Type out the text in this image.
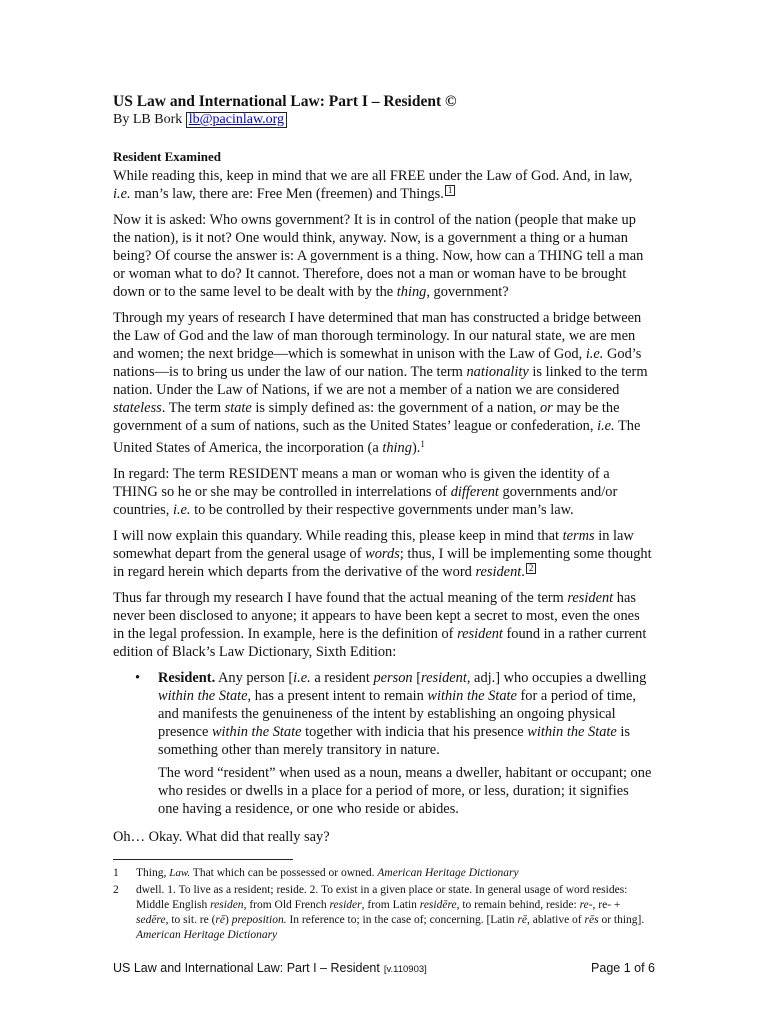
US Law and International Law: Part I – Resident ©
By LB Bork lb@pacinlaw.org
Resident Examined

While reading this, keep in mind that we are all FREE under the Law of God. And, in law, i.e. man’s law, there are: Free Men (freemen) and Things. 1

Now it is asked: Who owns government? It is in control of the nation (people that make up the nation), is it not? One would think, anyway. Now, is a government a thing or a human being? Of course the answer is: A government is a thing. Now, how can a THING tell a man or woman what to do? It cannot. Therefore, does not a man or woman have to be brought down or to the same level to be dealt with by the thing, government?

Through my years of research I have determined that man has constructed a bridge between the Law of God and the law of man thorough terminology. In our natural state, we are men and women; the next bridge—which is somewhat in unison with the Law of God, i.e. God’s nations—is to bring us under the law of our nation. The term nationality is linked to the term nation. Under the Law of Nations, if we are not a member of a nation we are considered stateless. The term state is simply defined as: the government of a nation, or may be the government of a sum of nations, such as the United States’ league or confederation, i.e. The United States of America, the incorporation (a thing).$^1$

In regard: The term RESIDENT means a man or woman who is given the identity of a THING so he or she may be controlled in interrelations of different governments and/or countries, i.e. to be controlled by their respective governments under man’s law.

I will now explain this quandary. While reading this, please keep in mind that terms in law somewhat depart from the general usage of words; thus, I will be implementing some thought in regard herein which departs from the derivative of the word resident. 2

Thus far through my research I have found that the actual meaning of the term resident has never been disclosed to anyone; it appears to have been kept a secret to most, even the ones in the legal profession. In example, here is the definition of resident found in a rather current edition of Black’s Law Dictionary, Sixth Edition:

• Resident. Any person [i.e. a resident person [resident, adj.] who occupies a dwelling within the State, has a present intent to remain within the State for a period of time, and manifests the genuineness of the intent by establishing an ongoing physical presence within the State together with indicia that his presence within the State is something other than merely transitory in nature.

The word “resident” when used as a noun, means a dweller, habitant or occupant; one who resides or dwells in a place for a period of more, or less, duration; it signifies one having a residence, or one who reside or abides.

Oh… Okay. What did that really say?

1 Thing, Law. That which can be possessed or owned. American Heritage Dictionary
2 dwell. 1. To live as a resident; reside. 2. To exist in a given place or state. In general usage of word resides: Middle English residen, from Old French resider, from Latin residēre, to remain behind, reside: re-, re- + sedēre, to sit. re (rē) preposition. In reference to; in the case of; concerning. [Latin rē, ablative of rēs or thing]. American Heritage Dictionary
US Law and International Law: Part I – Resident [v.110903]	Page 1 of 6
